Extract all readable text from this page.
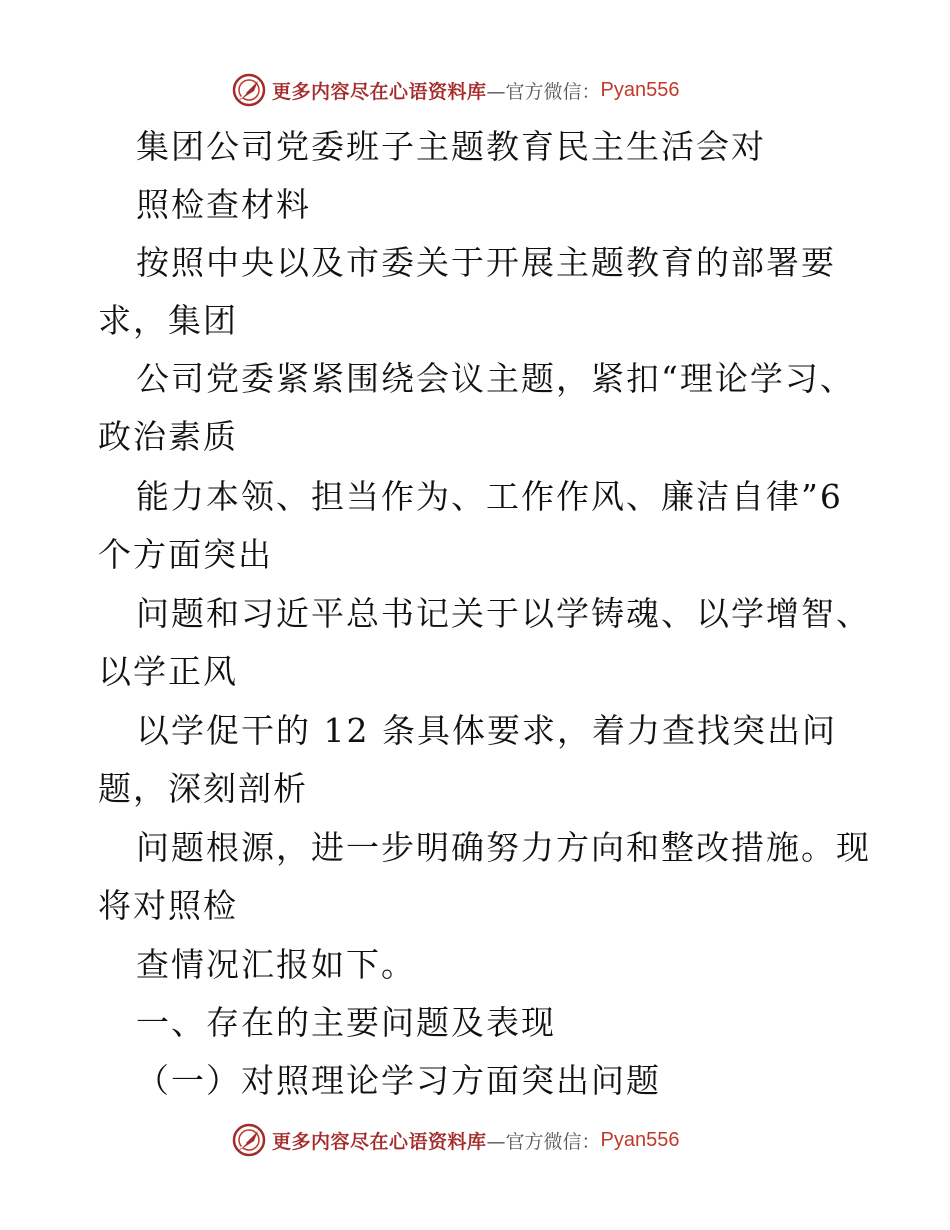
更多内容尽在心语资料库 —官方微信： Pyan556
集团公司党委班子主题教育民主生活会对
照检查材料
按照中央以及市委关于开展主题教育的部署要
求，集团
公司党委紧紧围绕会议主题，紧扣“理论学习、
政治素质
能力本领、担当作为、工作作风、廉洁自律”6
个方面突出
问题和习近平总书记关于以学铸魂、以学增智、
以学正风
以学促干的 12 条具体要求，着力查找突出问
题，深刻剖析
问题根源，进一步明确努力方向和整改措施。现
将对照检
查情况汇报如下。
一、存在的主要问题及表现
（一）对照理论学习方面突出问题
更多内容尽在心语资料库 —官方微信： Pyan556
